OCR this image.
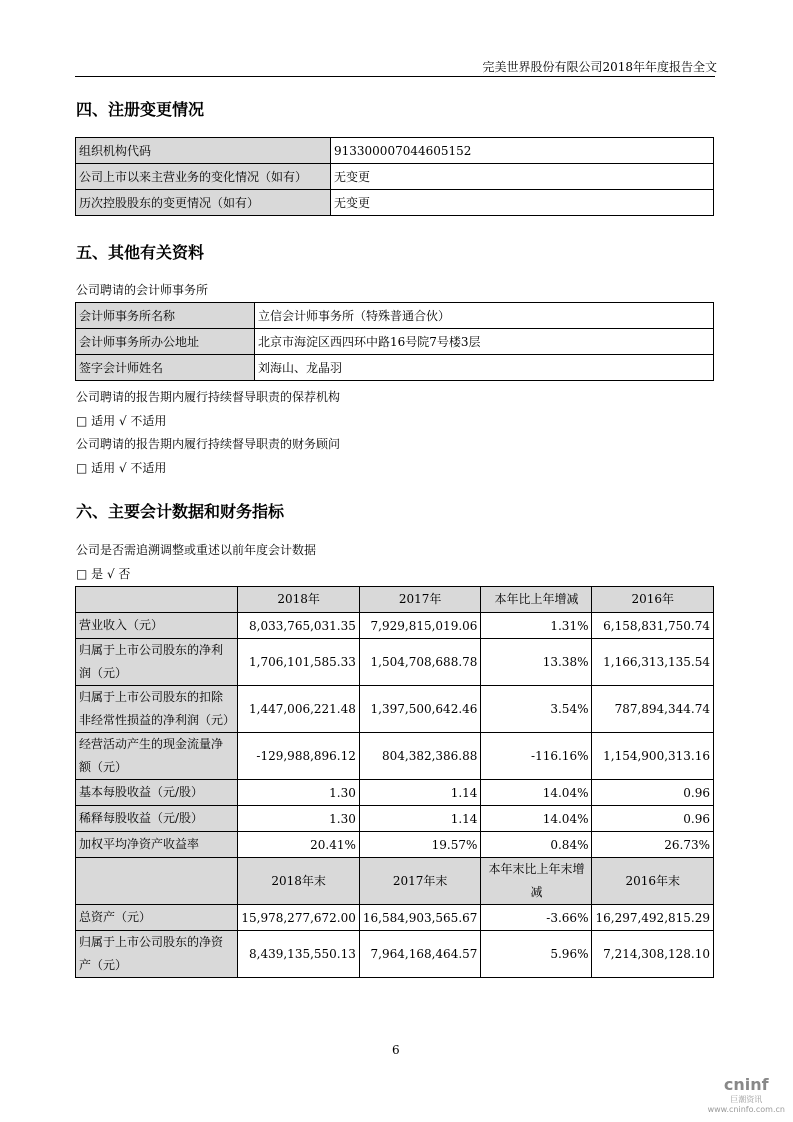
完美世界股份有限公司2018年年度报告全文
四、注册变更情况
组织机构代码	91330000704460515​2
公司上市以来主营业务的变化情况（如有）	无变更
历次控股股东的变更情况（如有）	无变更
五、其他有关资料
公司聘请的会计师事务所
会计师事务所名称	立信会计师事务所（特殊普通合伙）
会计师事务所办公地址	北京市海淀区西四环中路16号院7号楼3层
签字会计师姓名	刘海山、龙晶羽
公司聘请的报告期内履行持续督导职责的保荐机构
□ 适用 √ 不适用
公司聘请的报告期内履行持续督导职责的财务顾问
□ 适用 √ 不适用
六、主要会计数据和财务指标
公司是否需追溯调整或重述以前年度会计数据
□ 是 √ 否
	2018年	2017年	本年比上年增减	2016年
营业收入（元）	8,033,765,031.35	7,929,815,019.06	1.31%	6,158,831,750.74
归属于上市公司股东的净利润（元）	1,706,101,585.33	1,504,708,688.78	13.38%	1,166,313,135.54
归属于上市公司股东的扣除非经常性损益的净利润（元）	1,447,006,221.48	1,397,500,642.46	3.54%	787,894,344.74
经营活动产生的现金流量净额（元）	-129,988,896.12	804,382,386.88	-116.16%	1,154,900,313.16
基本每股收益（元/股）	1.30	1.14	14.04%	0.96
稀释每股收益（元/股）	1.30	1.14	14.04%	0.96
加权平均净资产收益率	20.41%	19.57%	0.84%	26.73%
	2018年末	2017年末	本年末比上年末增减	2016年末
总资产（元）	15,978,277,672.00	16,584,903,565.67	-3.66%	16,297,492,815.29
归属于上市公司股东的净资产（元）	8,439,135,550.13	7,964,168,464.57	5.96%	7,214,308,128.10
6
cninf
巨潮资讯
www.cninfo.com.cn
